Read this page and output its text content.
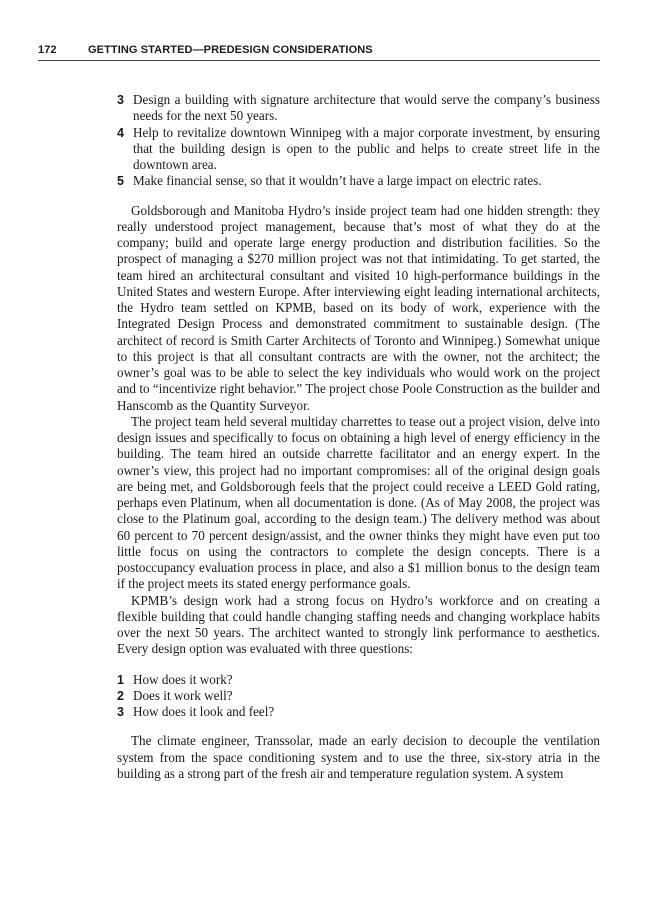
172	GETTING STARTED—PREDESIGN CONSIDERATIONS
3 Design a building with signature architecture that would serve the company’s business needs for the next 50 years.
4 Help to revitalize downtown Winnipeg with a major corporate investment, by ensuring that the building design is open to the public and helps to create street life in the downtown area.
5 Make financial sense, so that it wouldn’t have a large impact on electric rates.

Goldsborough and Manitoba Hydro’s inside project team had one hidden strength: they really understood project management, because that’s most of what they do at the company; build and operate large energy production and distribution facilities. So the prospect of managing a $270 million project was not that intimidating. To get started, the team hired an architectural consultant and visited 10 high-performance buildings in the United States and western Europe. After interviewing eight leading international architects, the Hydro team settled on KPMB, based on its body of work, experience with the Integrated Design Process and demonstrated commitment to sustainable design. (The architect of record is Smith Carter Architects of Toronto and Winnipeg.) Somewhat unique to this project is that all consultant contracts are with the owner, not the architect; the owner’s goal was to be able to select the key individuals who would work on the project and to “incentivize right behavior.” The project chose Poole Construction as the builder and Hanscomb as the Quantity Surveyor.

The project team held several multiday charrettes to tease out a project vision, delve into design issues and specifically to focus on obtaining a high level of energy efficiency in the building. The team hired an outside charrette facilitator and an energy expert. In the owner’s view, this project had no important compromises: all of the original design goals are being met, and Goldsborough feels that the project could receive a LEED Gold rating, perhaps even Platinum, when all documentation is done. (As of May 2008, the project was close to the Platinum goal, according to the design team.) The delivery method was about 60 percent to 70 percent design/assist, and the owner thinks they might have even put too little focus on using the contractors to complete the design concepts. There is a postoccupancy evaluation process in place, and also a $1 million bonus to the design team if the project meets its stated energy performance goals.

KPMB’s design work had a strong focus on Hydro’s workforce and on creating a flexible building that could handle changing staffing needs and changing workplace habits over the next 50 years. The architect wanted to strongly link performance to aesthetics. Every design option was evaluated with three questions:

1 How does it work?
2 Does it work well?
3 How does it look and feel?

The climate engineer, Transsolar, made an early decision to decouple the ventilation system from the space conditioning system and to use the three, six-story atria in the building as a strong part of the fresh air and temperature regulation system. A system
